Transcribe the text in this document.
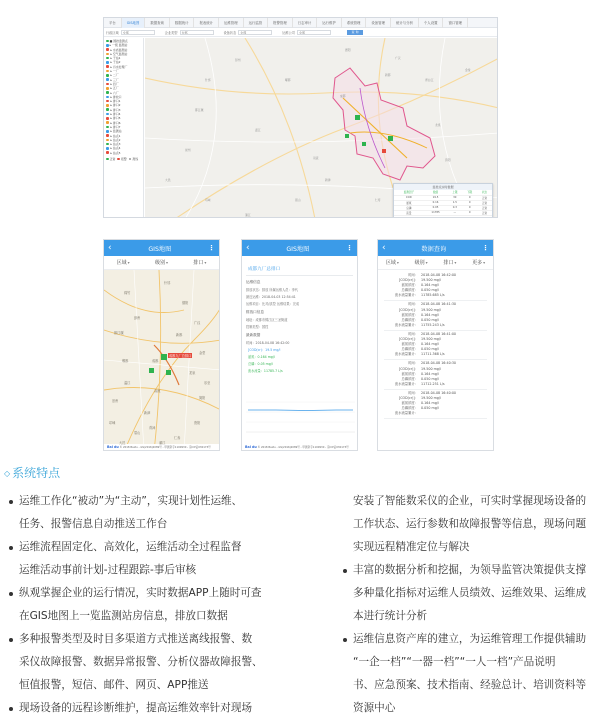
平台	GIS地图	数据查询	数据统计	报表统计	运维管理	运行监管	报警管理	日志审计	运行维护	系统管理	设备管理	统计与分析	个人设置	窗口管理
行政区域	全部	企业类型	全部	设备状态	全部	运维公司	全部	查 询
■ 国控监测点
▸ 一级 监测站
▸ 水质监测站
▸ 空气监测站
▸ 子站1
▸ 子站2
▸ 污水处理厂
▸ 一厂
▸ 二厂
▸ 三厂
▸ 四厂
▸ 五厂
▸ 六厂
▸ 排放口
▸ 排口1
▸ 排口2
▸ 排口3
▸ 排口4
▸ 排口5
▸ 排口6
▸ 排口7
▸ 监测站
▸ 站点1
▸ 站点2
▸ 站点3
▸ 站点4
▸ 站点5
正常 报警 离线
成都
双流
新都
温江
郫都
龙泉
眉山
青白江
彭州
金堂
德阳
广汉
资阳
什邡
仁寿
崇州
大邑
邛崃
蒲江
新津
都江堰
监控点实时数据
监测因子	数值	上限	下限	状态
COD	19.5	30	0	正常
氨氮	0.16	1.5	0	正常
总磷	0.05	0.3	0	正常
流量	11785	—	0	正常
‹	GIS地图	⋮
区域▾	级别▾	排口▾
成都九厂总排口
Bai du © 2018 Baidu - GS(2016)2089号 - 甲测资字1100930 - 京ICP证030173号
成都
德阳
绵竹
广汉
彭州
新都
金堂
都江堰
郫都
双流
龙泉
简阳
温江
崇州
新津
眉山
资阳
仁寿
邛崃
大邑	蒲江
乐至
什邡
青神
‹	GIS地图	⋮
成都九厂总排口
运维信息
排放状态：排放 所属运维人员：李代
最近运维：2018-04-03 12:54:41
运维项目：比对/质控 运维结果：完成
排放口信息
地址：成都市锦江区三圣街道
控制类型：国控
最新数据
时间：2018-04-08 16:42:00
[COD(cr)：19.5 mg/l
氨氮：0.164 mg/l
总磷：0.05 mg/l
废水流量：11785.7 L/s
Bai du © 2018 Baidu - GS(2016)2089号 - 甲测资字1100930 - 京ICP证030173号
‹	数据查询	⋮
区域▾	级别▾	排口▾	更多▾
时间： 2018-04-08 16:42:00
[COD(cr)]： 19.500 mg/l
氨氮浓度： 0.164 mg/l
总磷浓度： 0.050 mg/l
废水流量累计： 11785.685 L/s
时间： 2018-04-08 16:41:30
[COD(cr)]： 19.500 mg/l
氨氮浓度： 0.164 mg/l
总磷浓度： 0.050 mg/l
废水流量累计： 11755.243 L/s
时间： 2018-04-08 16:41:00
[COD(cr)]： 19.500 mg/l
氨氮浓度： 0.164 mg/l
总磷浓度： 0.050 mg/l
废水流量累计： 11711.368 L/s
时间： 2018-04-08 16:40:30
[COD(cr)]： 19.500 mg/l
氨氮浓度： 0.164 mg/l
总磷浓度： 0.050 mg/l
废水流量累计： 11712.251 L/s
时间： 2018-04-08 16:40:00
[COD(cr)]： 19.500 mg/l
氨氮浓度： 0.164 mg/l
总磷浓度： 0.050 mg/l
废水流量累计：
◇ 系统特点
运维工作化“被动”为“主动”，实现计划性运维、
任务、报警信息自动推送工作台
运维流程固定化、高效化，运维活动全过程监督
运维活动事前计划-过程跟踪-事后审核
纵观掌握企业的运行情况，实时数据APP上随时可查
在GIS地图上一览监测站房信息，排放口数据
多种报警类型及时目多渠道方式推送离线报警、数
采仪故障报警、数据异常报警、分析仪器故障报警、
恒值报警，短信、邮件、网页、APP推送
现场设备的远程诊断维护，提高运维效率针对现场
安装了智能数采仪的企业，可实时掌握现场设备的
工作状态、运行参数和故障报警等信息，现场问题
实现远程精准定位与解决
丰富的数据分析和挖掘，为领导监管决策提供支撑
多种量化指标对运维人员绩效、运维效果、运维成
本进行统计分析
运维信息资产库的建立，为运维管理工作提供辅助
“一企一档”“一器一档”“一人一档”产品说明
书、应急预案、技术指南、经验总计、培训资料等
资源中心
